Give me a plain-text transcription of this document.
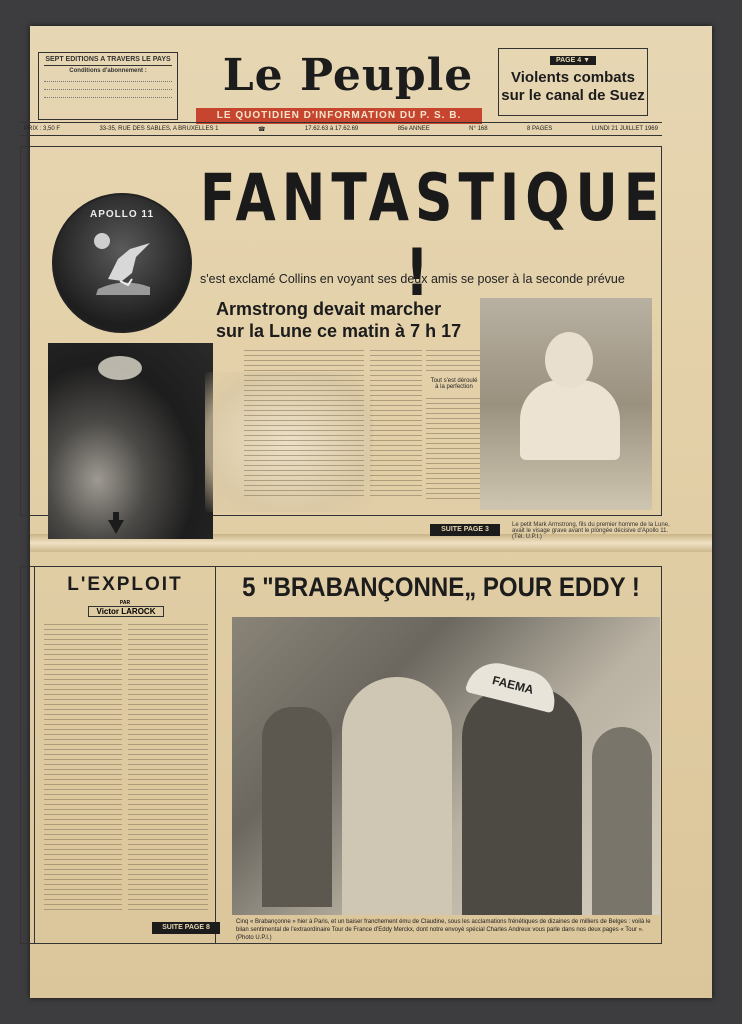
SEPT EDITIONS A TRAVERS LE PAYS
Conditions d'abonnement :	Le Peuple
LE QUOTIDIEN D'INFORMATION DU P. S. B.
PAGE 4 ▼
Violents combats
sur le canal de Suez
PRIX : 3,50 F	33-35, RUE DES SABLES, A BRUXELLES 1	☎	17.62.63 à 17.62.69	85e ANNEE	N° 168	8 PAGES	LUNDI 21 JUILLET 1969
APOLLO 11 FANTASTIQUE !
s'est exclamé Collins en voyant ses deux amis se poser à la seconde prévue
Armstrong devait marcher
sur la Lune ce matin à 7 h 17
Tout s'est déroulé
à la perfection
SUITE PAGE 3
Le petit Mark Armstrong, fils du premier homme de la Lune, avait le visage grave avant le plongée décisive d'Apollo 11. (Tél. U.P.I.)
L'EXPLOIT
PAR
Victor LAROCK
SUITE PAGE 8
5 "BRABANÇONNE„ POUR EDDY !
FAEMA
Cinq « Brabançonne » hier à Paris, et un baiser franchement ému de Claudine, sous les acclamations frénétiques de dizaines de milliers de Belges : voilà le bilan sentimental de l'extraordinaire Tour de France d'Eddy Merckx, dont notre envoyé spécial Charles Andreux vous parle dans nos deux pages « Tour ». (Photo U.P.I.)
